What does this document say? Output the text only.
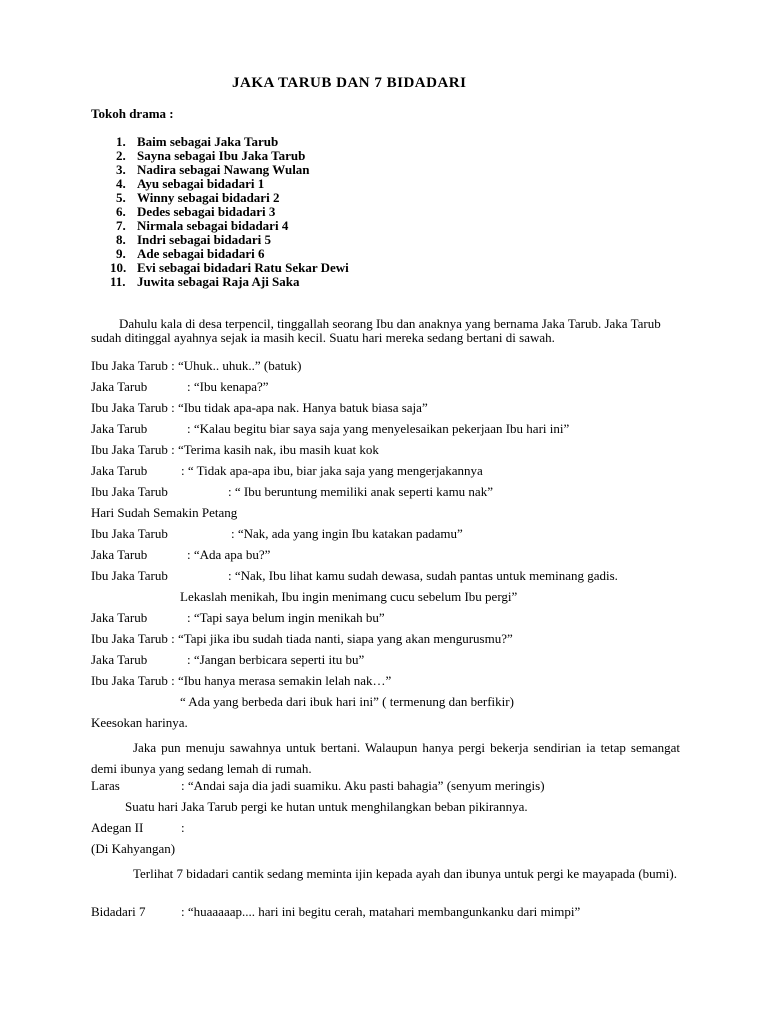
JAKA TARUB DAN 7 BIDADARI
Tokoh drama :
1. Baim sebagai Jaka Tarub
2. Sayna sebagai Ibu Jaka Tarub
3. Nadira sebagai Nawang Wulan
4. Ayu sebagai bidadari 1
5. Winny sebagai bidadari 2
6. Dedes sebagai bidadari 3
7. Nirmala sebagai bidadari 4
8. Indri sebagai bidadari 5
9. Ade sebagai bidadari 6
10. Evi sebagai bidadari Ratu Sekar Dewi
11. Juwita sebagai Raja Aji Saka
Dahulu kala di desa terpencil, tinggallah seorang Ibu dan anaknya yang bernama Jaka Tarub. Jaka Tarub sudah ditinggal ayahnya sejak ia masih kecil. Suatu hari mereka sedang bertani di sawah.
Ibu Jaka Tarub : “Uhuk.. uhuk..” (batuk)
Jaka Tarub	: “Ibu kenapa?”
Ibu Jaka Tarub : “Ibu tidak apa-apa nak. Hanya batuk biasa saja”
Jaka Tarub	: “Kalau begitu biar saya saja yang menyelesaikan pekerjaan Ibu hari ini”
Ibu Jaka Tarub : “Terima kasih nak, ibu masih kuat kok
Jaka Tarub	: “ Tidak apa-apa ibu, biar jaka saja yang mengerjakannya
Ibu Jaka Tarub	: “ Ibu beruntung memiliki anak seperti kamu nak”
Hari Sudah Semakin Petang
Ibu Jaka Tarub	: “Nak, ada yang ingin Ibu katakan padamu”
Jaka Tarub	: “Ada apa bu?”
Ibu Jaka Tarub	: “Nak, Ibu lihat kamu sudah dewasa, sudah pantas untuk meminang gadis.
Lekaslah menikah, Ibu ingin menimang cucu sebelum Ibu pergi”
Jaka Tarub	: “Tapi saya belum ingin menikah bu”
Ibu Jaka Tarub : “Tapi jika ibu sudah tiada nanti, siapa yang akan mengurusmu?”
Jaka Tarub	: “Jangan berbicara seperti itu bu”
Ibu Jaka Tarub : “Ibu hanya merasa semakin lelah nak…”
“ Ada yang berbeda dari ibuk hari ini” ( termenung dan berfikir)
Keesokan harinya.
Jaka pun menuju sawahnya untuk bertani. Walaupun hanya pergi bekerja sendirian ia tetap semangat demi ibunya yang sedang lemah di rumah.
Laras	: “Andai saja dia jadi suamiku. Aku pasti bahagia” (senyum meringis)
Suatu hari Jaka Tarub pergi ke hutan untuk menghilangkan beban pikirannya.
Adegan II	:
(Di Kahyangan)
Terlihat 7 bidadari cantik sedang meminta ijin kepada ayah dan ibunya untuk pergi ke mayapada (bumi).
Bidadari 7	: “huaaaaap.... hari ini begitu cerah, matahari membangunkanku dari mimpi”
